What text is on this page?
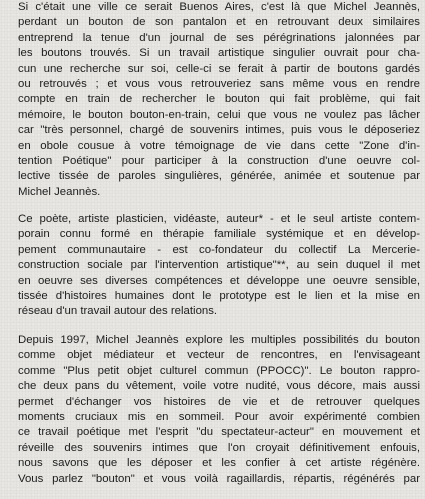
Si c'était une ville ce serait Buenos Aires, c'est là que Michel Jeannès,
perdant un bouton de son pantalon et en retrouvant deux similaires
entreprend la tenue d'un journal de ses pérégrinations jalonnées par
les boutons trouvés. Si un travail artistique singulier ouvrait pour cha-
cun une recherche sur soi, celle-ci se ferait à partir de boutons gardés
ou retrouvés ; et vous vous retrouveriez sans même vous en rendre
compte en train de rechercher le bouton qui fait problème, qui fait
mémoire, le bouton bouton-en-train, celui que vous ne voulez pas lâcher
car "très personnel, chargé de souvenirs intimes, puis vous le déposeriez
en obole cousue à votre témoignage de vie dans cette "Zone d'in-
tention Poétique" pour participer à la construction d'une oeuvre col-
lective tissée de paroles singulières, générée, animée et soutenue par
Michel Jeannès.

Ce poète, artiste plasticien, vidéaste, auteur* - et le seul artiste contem-
porain connu formé en thérapie familiale systémique et en dévelop-
pement communautaire - est co-fondateur du collectif La Mercerie-
construction sociale par l'intervention artistique"**, au sein duquel il met
en oeuvre ses diverses compétences et développe une oeuvre sensible,
tissée d'histoires humaines dont le prototype est le lien et la mise en
réseau d'un travail autour des relations.

Depuis 1997, Michel Jeannès explore les multiples possibilités du bouton
comme objet médiateur et vecteur de rencontres, en l'envisageant
comme "Plus petit objet culturel commun (PPOCC)". Le bouton rappro-
che deux pans du vêtement, voile votre nudité, vous décore, mais aussi
permet d'échanger vos histoires de vie et de retrouver quelques
moments cruciaux mis en sommeil. Pour avoir expérimenté combien
ce travail poétique met l'esprit "du spectateur-acteur" en mouvement et
réveille des souvenirs intimes que l'on croyait définitivement enfouis,
nous savons que les déposer et les confier à cet artiste régénère.
Vous parlez "bouton" et vous voilà ragaillardis, répartis, régénérés par
